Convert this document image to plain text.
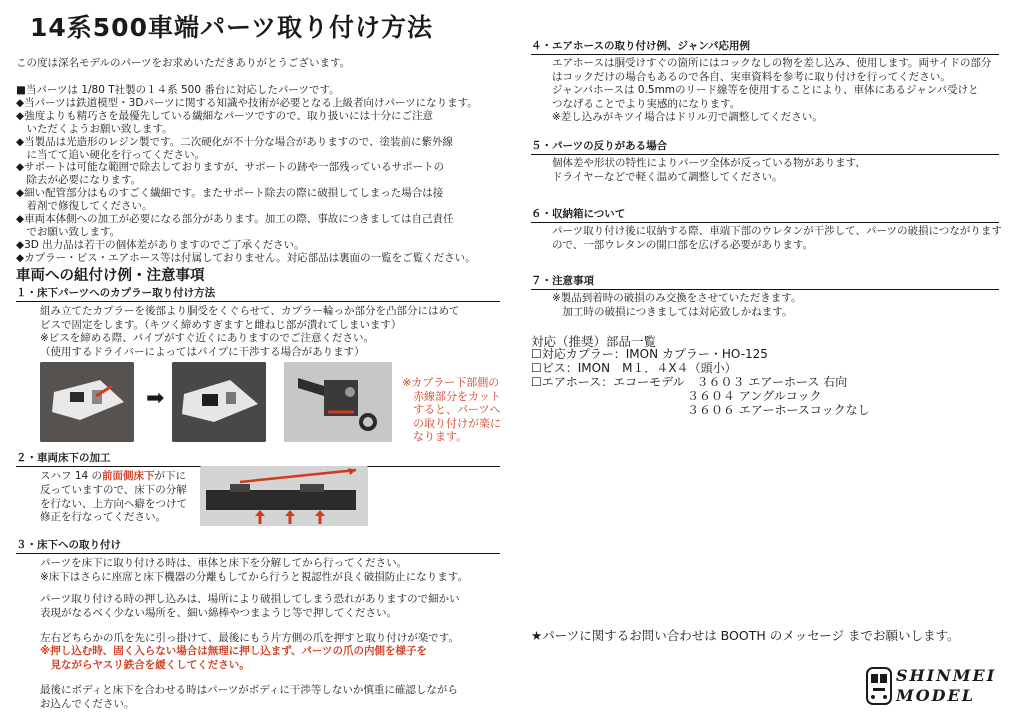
14系500車端パーツ取り付け方法
この度は深名モデルのパーツをお求めいただきありがとうございます。
■当パーツは 1/80 T社製の１４系 500 番台に対応したパーツです。
◆当パーツは鉄道模型・3Dパーツに関する知識や技術が必要となる上級者向けパーツになります。
◆強度よりも精巧さを最優先している繊細なパーツですので、取り扱いには十分にご注意
　いただくようお願い致します。
◆当製品は光造形のレジン製です。二次硬化が不十分な場合がありますので、塗装前に紫外線
　に当てて追い硬化を行ってください。
◆サポートは可能な範囲で除去しておりますが、サポートの跡や一部残っているサポートの
　除去が必要になります。
◆細い配管部分はものすごく繊細です。またサポート除去の際に破損してしまった場合は接
　着剤で修復してください。
◆車両本体側への加工が必要になる部分があります。加工の際、事故につきましては自己責任
　でお願い致します。
◆3D 出力品は若干の個体差がありますのでご了承ください。
◆カプラー・ビス・エアホース等は付属しておりません。対応部品は裏面の一覧をご覧ください。
車両への組付け例・注意事項
１・床下パーツへのカプラー取り付け方法
組み立てたカプラーを後部より胴受をくぐらせて、カプラー輪っか部分を凸部分にはめて
ビスで固定をします。（キツく締めすぎますと雌ねじ部が潰れてしまいます）
※ビスを締める際、パイプがすぐ近くにありますのでご注意ください。
（使用するドライバーによってはパイプに干渉する場合があります）
➡
※カプラー下部側の
　赤線部分をカット
　すると、パーツへ
　の取り付けが楽に
　なります。
２・車両床下の加工
スハフ 14 の前面側床下が下に
反っていますので、床下の分解
を行ない、上方向へ癖をつけて
修正を行なってください。
３・床下への取り付け
パーツを床下に取り付ける時は、車体と床下を分解してから行ってください。
※床下はさらに座席と床下機器の分離もしてから行うと視認性が良く破損防止になります。
パーツ取り付ける時の押し込みは、場所により破損してしまう恐れがありますので細かい
表現がなるべく少ない場所を、細い綿棒やつまようじ等で押してください。
左右どちらかの爪を先に引っ掛けて、最後にもう片方側の爪を押すと取り付けが楽です。
※押し込む時、固く入らない場合は無理に押し込まず、パーツの爪の内側を様子を
　見ながらヤスリ鉄合を緩くしてください。
最後にボディと床下を合わせる時はパーツがボディに干渉等しないか慎重に確認しながら
お込んでください。
４・エアホースの取り付け例、ジャンパ応用例
エアホースは胴受けすぐの箇所にはコックなしの物を差し込み、使用します。両サイドの部分
はコックだけの場合もあるので各自、実車資料を参考に取り付けを行ってください。
ジャンパホースは 0.5mmのリード線等を使用することにより、車体にあるジャンパ受けと
つなげることでより実感的になります。
※差し込みがキツイ場合はドリル刃で調整してください。
５・パーツの反りがある場合
個体差や形状の特性によりパーツ全体が反っている物があります、
ドライヤーなどで軽く温めて調整してください。
６・収納箱について
パーツ取り付け後に収納する際、車端下部のウレタンが干渉して、パーツの破損につながります
ので、一部ウレタンの開口部を広げる必要があります。
７・注意事項
※製品到着時の破損のみ交換をさせていただきます。
　加工時の破損につきましては対応致しかねます。
対応（推奨）部品一覧
☐対応カプラー：IMON カプラー・HO-125
☐ビス：IMON　M１．４X４（頭小）
☐エアホース：エコーモデル　３６０３ エアーホース 右向
　　　　　　　　　　　　　３６０４ アングルコック
　　　　　　　　　　　　　３６０６ エアーホースコックなし
★パーツに関するお問い合わせは BOOTH のメッセージ までお願いします。
SHINMEI
MODEL
